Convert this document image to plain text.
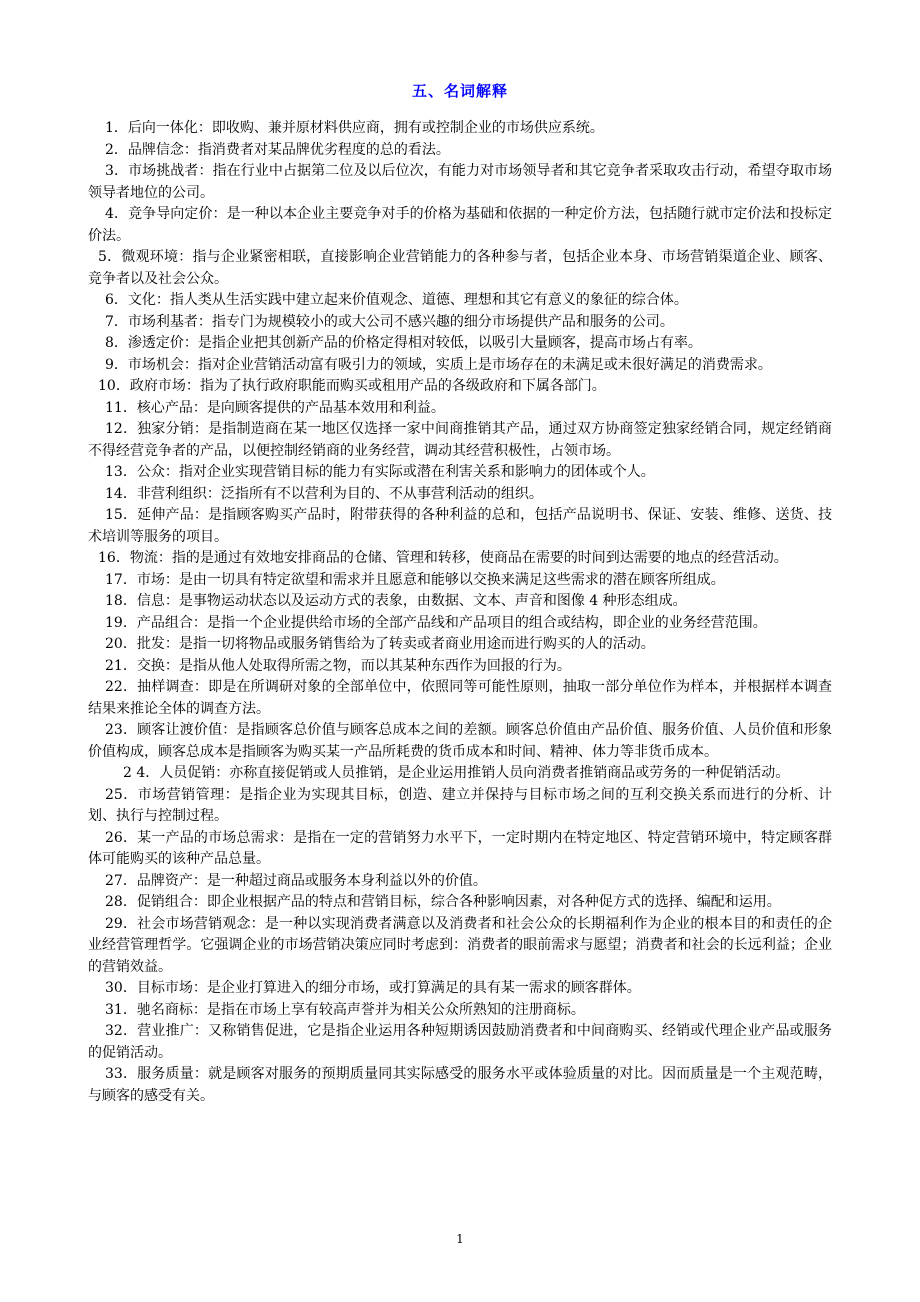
五、名词解释

1．后向一体化：即收购、兼并原材料供应商，拥有或控制企业的市场供应系统。

2．品牌信念：指消费者对某品牌优劣程度的总的看法。

3．市场挑战者：指在行业中占据第二位及以后位次，有能力对市场领导者和其它竞争者采取攻击行动，希望夺取市场领导者地位的公司。

4．竞争导向定价：是一种以本企业主要竞争对手的价格为基础和依据的一种定价方法，包括随行就市定价法和投标定价法。

5．微观环境：指与企业紧密相联，直接影响企业营销能力的各种参与者，包括企业本身、市场营销渠道企业、顾客、竞争者以及社会公众。

6．文化：指人类从生活实践中建立起来价值观念、道德、理想和其它有意义的象征的综合体。

7．市场利基者：指专门为规模较小的或大公司不感兴趣的细分市场提供产品和服务的公司。

8．渗透定价：是指企业把其创新产品的价格定得相对较低，以吸引大量顾客，提高市场占有率。

9．市场机会：指对企业营销活动富有吸引力的领域，实质上是市场存在的未满足或未很好满足的消费需求。

10．政府市场：指为了执行政府职能而购买或租用产品的各级政府和下属各部门。

11．核心产品：是向顾客提供的产品基本效用和利益。

12．独家分销：是指制造商在某一地区仅选择一家中间商推销其产品，通过双方协商签定独家经销合同，规定经销商不得经营竞争者的产品，以便控制经销商的业务经营，调动其经营积极性，占领市场。

13．公众：指对企业实现营销目标的能力有实际或潜在利害关系和影响力的团体或个人。

14．非营利组织：泛指所有不以营利为目的、不从事营利活动的组织。

15．延伸产品：是指顾客购买产品时，附带获得的各种利益的总和，包括产品说明书、保证、安装、维修、送货、技术培训等服务的项目。

16．物流：指的是通过有效地安排商品的仓储、管理和转移，使商品在需要的时间到达需要的地点的经营活动。

17．市场：是由一切具有特定欲望和需求并且愿意和能够以交换来满足这些需求的潜在顾客所组成。

18．信息：是事物运动状态以及运动方式的表象，由数据、文本、声音和图像 4 种形态组成。

19．产品组合：是指一个企业提供给市场的全部产品线和产品项目的组合或结构，即企业的业务经营范围。

20．批发：是指一切将物品或服务销售给为了转卖或者商业用途而进行购买的人的活动。

21．交换：是指从他人处取得所需之物，而以其某种东西作为回报的行为。

22．抽样调查：即是在所调研对象的全部单位中，依照同等可能性原则，抽取一部分单位作为样本，并根据样本调查结果来推论全体的调查方法。

23．顾客让渡价值：是指顾客总价值与顾客总成本之间的差额。顾客总价值由产品价值、服务价值、人员价值和形象价值构成，顾客总成本是指顾客为购买某一产品所耗费的货币成本和时间、精神、体力等非货币成本。

2 4．人员促销：亦称直接促销或人员推销，是企业运用推销人员向消费者推销商品或劳务的一种促销活动。

25．市场营销管理：是指企业为实现其目标，创造、建立并保持与目标市场之间的互利交换关系而进行的分析、计划、执行与控制过程。

26．某一产品的市场总需求：是指在一定的营销努力水平下，一定时期内在特定地区、特定营销环境中，特定顾客群体可能购买的该种产品总量。

27．品牌资产：是一种超过商品或服务本身利益以外的价值。

28．促销组合：即企业根据产品的特点和营销目标，综合各种影响因素，对各种促方式的选择、编配和运用。

29．社会市场营销观念：是一种以实现消费者满意以及消费者和社会公众的长期福利作为企业的根本目的和责任的企业经营管理哲学。它强调企业的市场营销决策应同时考虑到：消费者的眼前需求与愿望；消费者和社会的长远利益；企业的营销效益。

30．目标市场：是企业打算进入的细分市场，或打算满足的具有某一需求的顾客群体。

31．驰名商标：是指在市场上享有较高声誉并为相关公众所熟知的注册商标。

32．营业推广：又称销售促进，它是指企业运用各种短期诱因鼓励消费者和中间商购买、经销或代理企业产品或服务的促销活动。

33．服务质量：就是顾客对服务的预期质量同其实际感受的服务水平或体验质量的对比。因而质量是一个主观范畴，与顾客的感受有关。

1
